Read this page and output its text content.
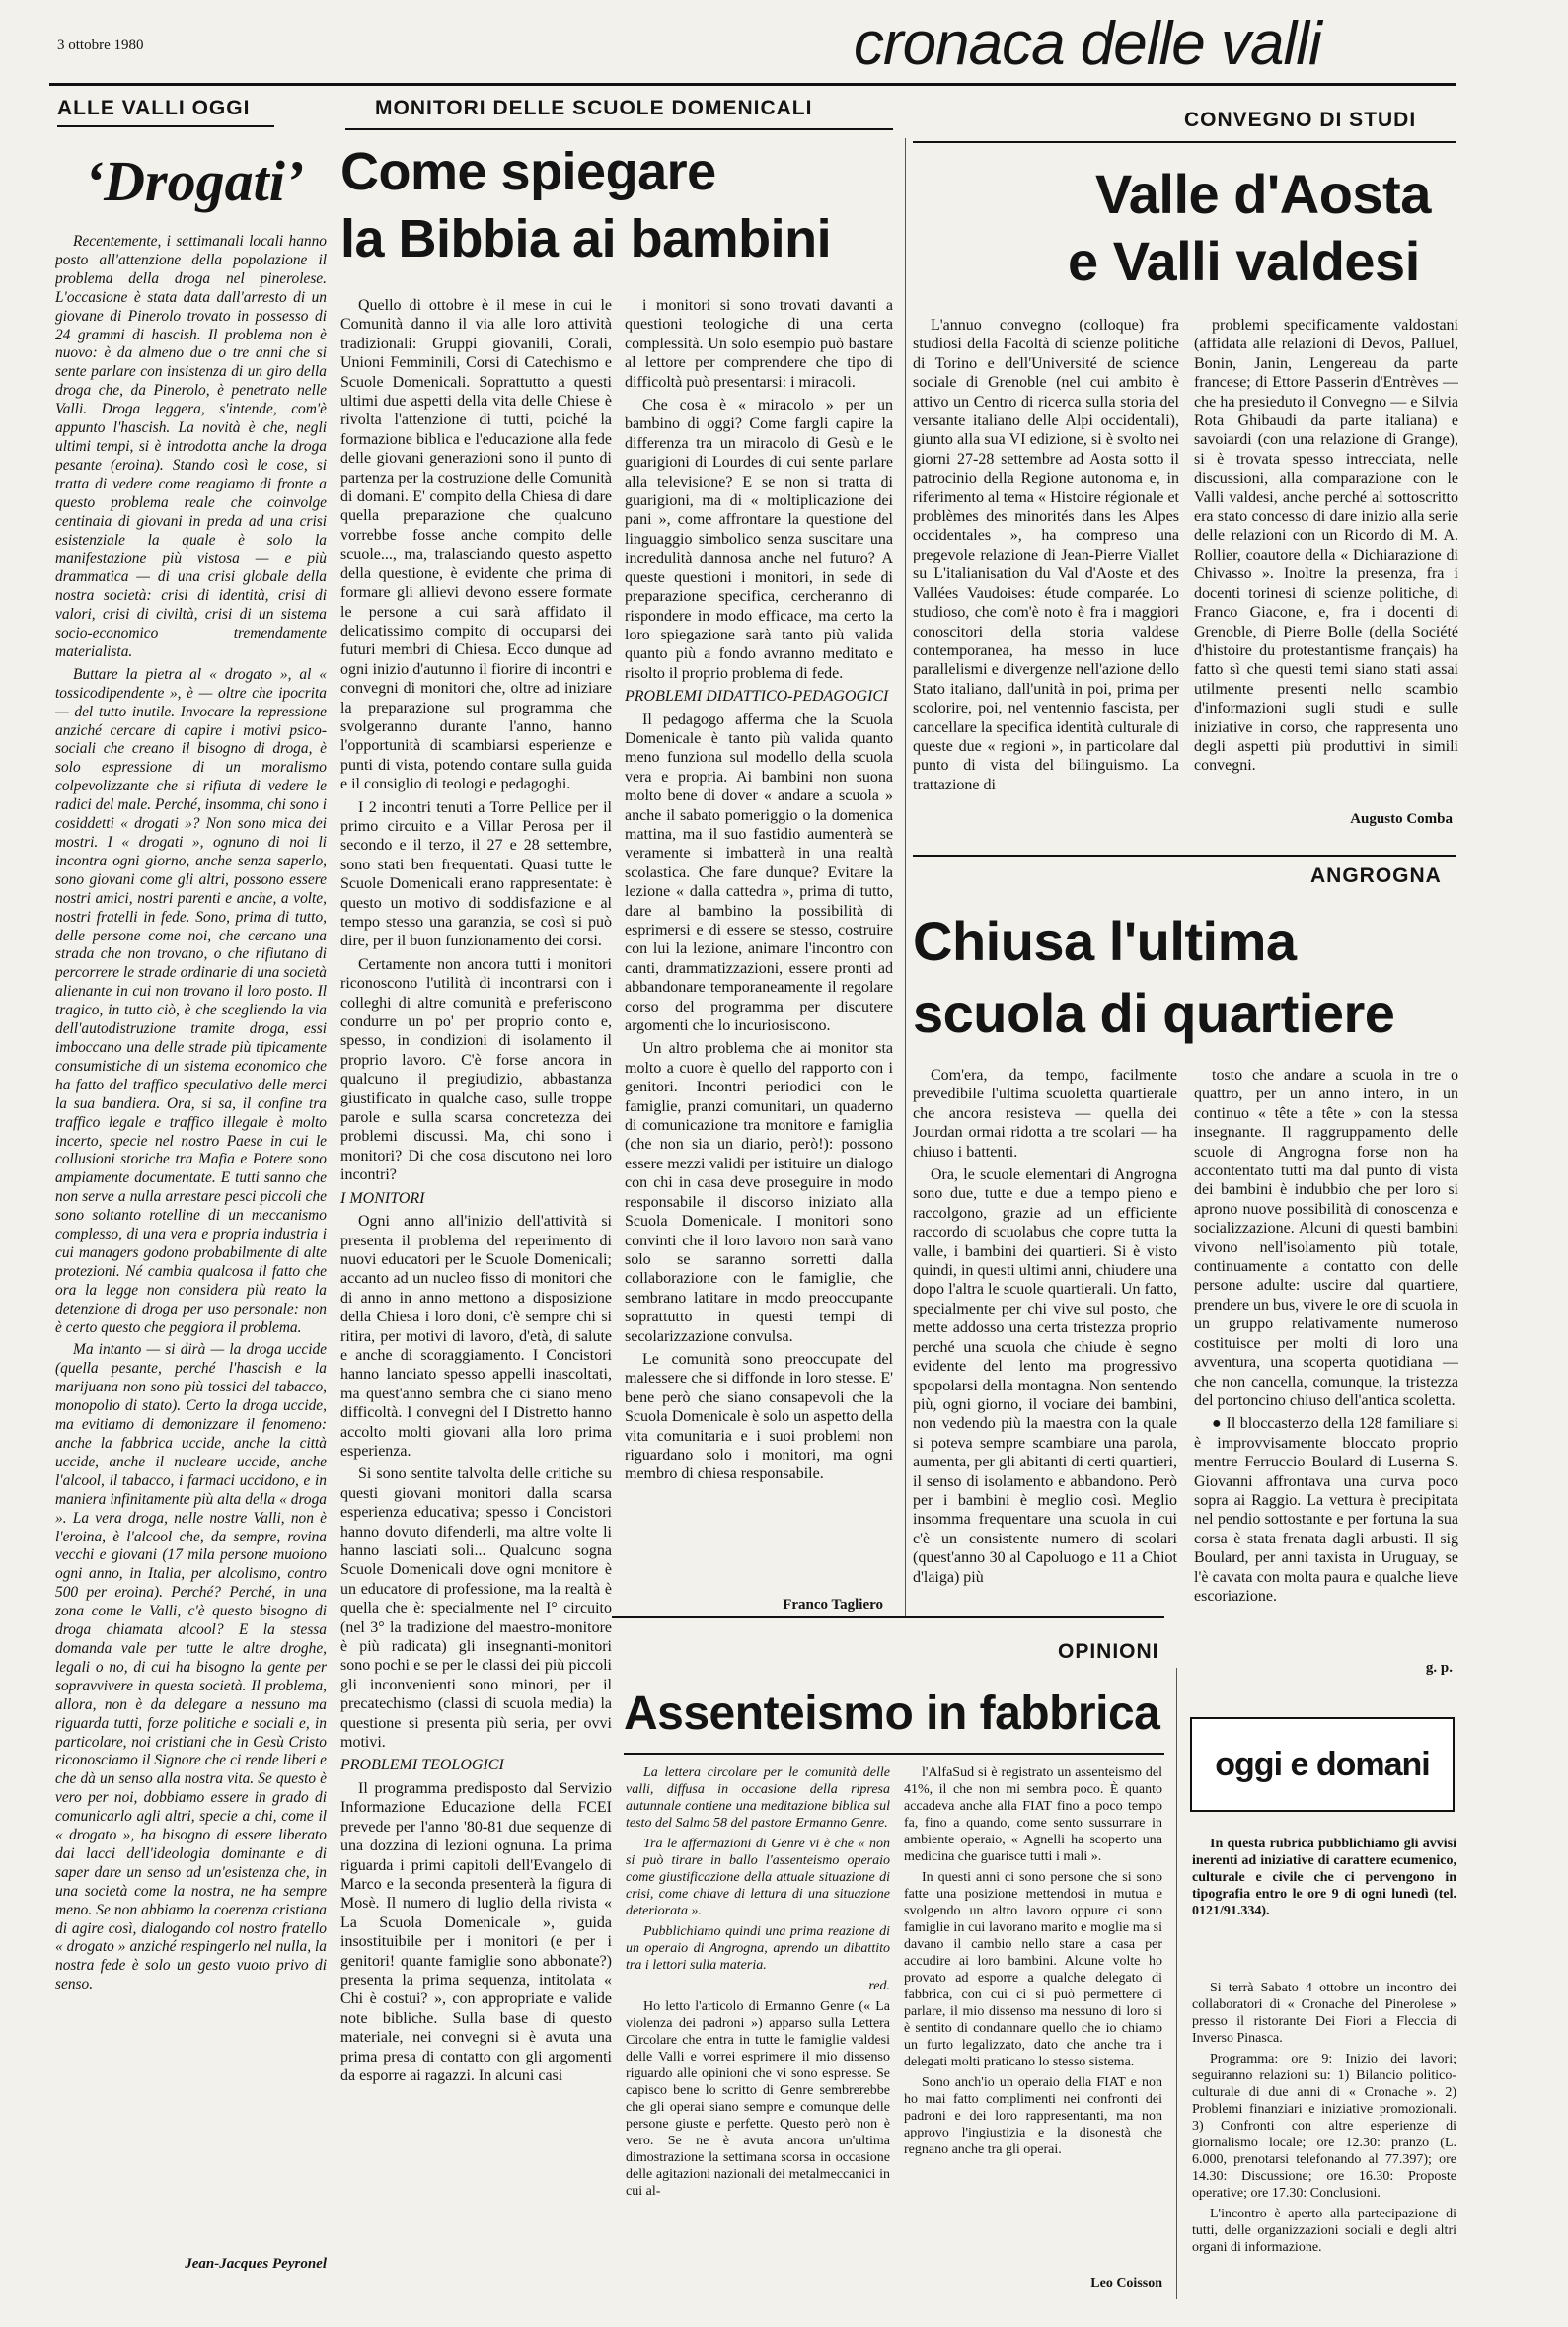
3 ottobre 1980	cronaca delle valli
ALLE VALLI OGGI
‘Drogati’

Recentemente, i settimanali locali hanno posto all'attenzione della popolazione il problema della droga nel pinerolese. L'occasione è stata data dall'arresto di un giovane di Pinerolo trovato in possesso di 24 grammi di hascish. Il problema non è nuovo: è da almeno due o tre anni che si sente parlare con insistenza di un giro della droga che, da Pinerolo, è penetrato nelle Valli. Droga leggera, s'intende, com'è appunto l'hascish. La novità è che, negli ultimi tempi, si è introdotta anche la droga pesante (eroina). Stando così le cose, si tratta di vedere come reagiamo di fronte a questo problema reale che coinvolge centinaia di giovani in preda ad una crisi esistenziale la quale è solo la manifestazione più vistosa — e più drammatica — di una crisi globale della nostra società: crisi di identità, crisi di valori, crisi di civiltà, crisi di un sistema socio-economico tremendamente materialista.

Buttare la pietra al « drogato », al « tossicodipendente », è — oltre che ipocrita — del tutto inutile. Invocare la repressione anziché cercare di capire i motivi psico-sociali che creano il bisogno di droga, è solo espressione di un moralismo colpevolizzante che si rifiuta di vedere le radici del male. Perché, insomma, chi sono i cosiddetti « drogati »? Non sono mica dei mostri. I « drogati », ognuno di noi li incontra ogni giorno, anche senza saperlo, sono giovani come gli altri, possono essere nostri amici, nostri parenti e anche, a volte, nostri fratelli in fede. Sono, prima di tutto, delle persone come noi, che cercano una strada che non trovano, o che rifiutano di percorrere le strade ordinarie di una società alienante in cui non trovano il loro posto. Il tragico, in tutto ciò, è che scegliendo la via dell'autodistruzione tramite droga, essi imboccano una delle strade più tipicamente consumistiche di un sistema economico che ha fatto del traffico speculativo delle merci la sua bandiera. Ora, si sa, il confine tra traffico legale e traffico illegale è molto incerto, specie nel nostro Paese in cui le collusioni storiche tra Mafia e Potere sono ampiamente documentate. E tutti sanno che non serve a nulla arrestare pesci piccoli che sono soltanto rotelline di un meccanismo complesso, di una vera e propria industria i cui managers godono probabilmente di alte protezioni. Né cambia qualcosa il fatto che ora la legge non considera più reato la detenzione di droga per uso personale: non è certo questo che peggiora il problema.

Ma intanto — si dirà — la droga uccide (quella pesante, perché l'hascish e la marijuana non sono più tossici del tabacco, monopolio di stato). Certo la droga uccide, ma evitiamo di demonizzare il fenomeno: anche la fabbrica uccide, anche la città uccide, anche il nucleare uccide, anche l'alcool, il tabacco, i farmaci uccidono, e in maniera infinitamente più alta della « droga ». La vera droga, nelle nostre Valli, non è l'eroina, è l'alcool che, da sempre, rovina vecchi e giovani (17 mila persone muoiono ogni anno, in Italia, per alcolismo, contro 500 per eroina). Perché? Perché, in una zona come le Valli, c'è questo bisogno di droga chiamata alcool? E la stessa domanda vale per tutte le altre droghe, legali o no, di cui ha bisogno la gente per sopravvivere in questa società. Il problema, allora, non è da delegare a nessuno ma riguarda tutti, forze politiche e sociali e, in particolare, noi cristiani che in Gesù Cristo riconosciamo il Signore che ci rende liberi e che dà un senso alla nostra vita. Se questo è vero per noi, dobbiamo essere in grado di comunicarlo agli altri, specie a chi, come il « drogato », ha bisogno di essere liberato dai lacci dell'ideologia dominante e di saper dare un senso ad un'esistenza che, in una società come la nostra, ne ha sempre meno. Se non abbiamo la coerenza cristiana di agire così, dialogando col nostro fratello « drogato » anziché respingerlo nel nulla, la nostra fede è solo un gesto vuoto privo di senso.

Jean-Jacques Peyronel
MONITORI DELLE SCUOLE DOMENICALI
Come spiegare
la Bibbia ai bambini

Quello di ottobre è il mese in cui le Comunità danno il via alle loro attività tradizionali: Gruppi giovanili, Corali, Unioni Femminili, Corsi di Catechismo e Scuole Domenicali. Soprattutto a questi ultimi due aspetti della vita delle Chiese è rivolta l'attenzione di tutti, poiché la formazione biblica e l'educazione alla fede delle giovani generazioni sono il punto di partenza per la costruzione delle Comunità di domani. E' compito della Chiesa di dare quella preparazione che qualcuno vorrebbe fosse anche compito delle scuole..., ma, tralasciando questo aspetto della questione, è evidente che prima di formare gli allievi devono essere formate le persone a cui sarà affidato il delicatissimo compito di occuparsi dei futuri membri di Chiesa. Ecco dunque ad ogni inizio d'autunno il fiorire di incontri e convegni di monitori che, oltre ad iniziare la preparazione sul programma che svolgeranno durante l'anno, hanno l'opportunità di scambiarsi esperienze e punti di vista, potendo contare sulla guida e il consiglio di teologi e pedagoghi.

I 2 incontri tenuti a Torre Pellice per il primo circuito e a Villar Perosa per il secondo e il terzo, il 27 e 28 settembre, sono stati ben frequentati. Quasi tutte le Scuole Domenicali erano rappresentate: è questo un motivo di soddisfazione e al tempo stesso una garanzia, se così si può dire, per il buon funzionamento dei corsi.

Certamente non ancora tutti i monitori riconoscono l'utilità di incontrarsi con i colleghi di altre comunità e preferiscono condurre un po' per proprio conto e, spesso, in condizioni di isolamento il proprio lavoro. C'è forse ancora in qualcuno il pregiudizio, abbastanza giustificato in qualche caso, sulle troppe parole e sulla scarsa concretezza dei problemi discussi. Ma, chi sono i monitori? Di che cosa discutono nei loro incontri?

I MONITORI

Ogni anno all'inizio dell'attività si presenta il problema del reperimento di nuovi educatori per le Scuole Domenicali; accanto ad un nucleo fisso di monitori che di anno in anno mettono a disposizione della Chiesa i loro doni, c'è sempre chi si ritira, per motivi di lavoro, d'età, di salute e anche di scoraggiamento. I Concistori hanno lanciato spesso appelli inascoltati, ma quest'anno sembra che ci siano meno difficoltà. I convegni del I Distretto hanno accolto molti giovani alla loro prima esperienza.

Si sono sentite talvolta delle critiche su questi giovani monitori dalla scarsa esperienza educativa; spesso i Concistori hanno dovuto difenderli, ma altre volte li hanno lasciati soli... Qualcuno sogna Scuole Domenicali dove ogni monitore è un educatore di professione, ma la realtà è quella che è: specialmente nel I° circuito (nel 3° la tradizione del maestro-monitore è più radicata) gli insegnanti-monitori sono pochi e se per le classi dei più piccoli gli inconvenienti sono minori, per il precatechismo (classi di scuola media) la questione si presenta più seria, per ovvi motivi.

PROBLEMI TEOLOGICI

Il programma predisposto dal Servizio Informazione Educazione della FCEI prevede per l'anno '80-81 due sequenze di una dozzina di lezioni ognuna. La prima riguarda i primi capitoli dell'Evangelo di Marco e la seconda presenterà la figura di Mosè. Il numero di luglio della rivista « La Scuola Domenicale », guida insostituibile per i monitori (e per i genitori! quante famiglie sono abbonate?) presenta la prima sequenza, intitolata « Chi è costui? », con appropriate e valide note bibliche. Sulla base di questo materiale, nei convegni si è avuta una prima presa di contatto con gli argomenti da esporre ai ragazzi. In alcuni casi

i monitori si sono trovati davanti a questioni teologiche di una certa complessità. Un solo esempio può bastare al lettore per comprendere che tipo di difficoltà può presentarsi: i miracoli.

Che cosa è « miracolo » per un bambino di oggi? Come fargli capire la differenza tra un miracolo di Gesù e le guarigioni di Lourdes di cui sente parlare alla televisione? E se non si tratta di guarigioni, ma di « moltiplicazione dei pani », come affrontare la questione del linguaggio simbolico senza suscitare una incredulità dannosa anche nel futuro? A queste questioni i monitori, in sede di preparazione specifica, cercheranno di rispondere in modo efficace, ma certo la loro spiegazione sarà tanto più valida quanto più a fondo avranno meditato e risolto il proprio problema di fede.

PROBLEMI DIDATTICO-PEDAGOGICI

Il pedagogo afferma che la Scuola Domenicale è tanto più valida quanto meno funziona sul modello della scuola vera e propria. Ai bambini non suona molto bene di dover « andare a scuola » anche il sabato pomeriggio o la domenica mattina, ma il suo fastidio aumenterà se veramente si imbatterà in una realtà scolastica. Che fare dunque? Evitare la lezione « dalla cattedra », prima di tutto, dare al bambino la possibilità di esprimersi e di essere se stesso, costruire con lui la lezione, animare l'incontro con canti, drammatizzazioni, essere pronti ad abbandonare temporaneamente il regolare corso del programma per discutere argomenti che lo incuriosiscono.

Un altro problema che ai monitor sta molto a cuore è quello del rapporto con i genitori. Incontri periodici con le famiglie, pranzi comunitari, un quaderno di comunicazione tra monitore e famiglia (che non sia un diario, però!): possono essere mezzi validi per istituire un dialogo con chi in casa deve proseguire in modo responsabile il discorso iniziato alla Scuola Domenicale. I monitori sono convinti che il loro lavoro non sarà vano solo se saranno sorretti dalla collaborazione con le famiglie, che sembrano latitare in modo preoccupante soprattutto in questi tempi di secolarizzazione convulsa.

Le comunità sono preoccupate del malessere che si diffonde in loro stesse. E' bene però che siano consapevoli che la Scuola Domenicale è solo un aspetto della vita comunitaria e i suoi problemi non riguardano solo i monitori, ma ogni membro di chiesa responsabile.

Franco Tagliero
CONVEGNO DI STUDI
Valle d'Aosta
e Valli valdesi

L'annuo convegno (colloque) fra studiosi della Facoltà di scienze politiche di Torino e dell'Université de science sociale di Grenoble (nel cui ambito è attivo un Centro di ricerca sulla storia del versante italiano delle Alpi occidentali), giunto alla sua VI edizione, si è svolto nei giorni 27-28 settembre ad Aosta sotto il patrocinio della Regione autonoma e, in riferimento al tema « Histoire régionale et problèmes des minorités dans les Alpes occidentales », ha compreso una pregevole relazione di Jean-Pierre Viallet su L'italianisation du Val d'Aoste et des Vallées Vaudoises: étude comparée. Lo studioso, che com'è noto è fra i maggiori conoscitori della storia valdese contemporanea, ha messo in luce parallelismi e divergenze nell'azione dello Stato italiano, dall'unità in poi, prima per scolorire, poi, nel ventennio fascista, per cancellare la specifica identità culturale di queste due « regioni », in particolare dal punto di vista del bilinguismo. La trattazione di

problemi specificamente valdostani (affidata alle relazioni di Devos, Palluel, Bonin, Janin, Lengereau da parte francese; di Ettore Passerin d'Entrèves — che ha presieduto il Convegno — e Silvia Rota Ghibaudi da parte italiana) e savoiardi (con una relazione di Grange), si è trovata spesso intrecciata, nelle discussioni, alla comparazione con le Valli valdesi, anche perché al sottoscritto era stato concesso di dare inizio alla serie delle relazioni con un Ricordo di M. A. Rollier, coautore della « Dichiarazione di Chivasso ». Inoltre la presenza, fra i docenti torinesi di scienze politiche, di Franco Giacone, e, fra i docenti di Grenoble, di Pierre Bolle (della Société d'histoire du protestantisme français) ha fatto sì che questi temi siano stati assai utilmente presenti nello scambio d'informazioni sugli studi e sulle iniziative in corso, che rappresenta uno degli aspetti più produttivi in simili convegni.

Augusto Comba
ANGROGNA
Chiusa l'ultima
scuola di quartiere

Com'era, da tempo, facilmente prevedibile l'ultima scuoletta quartierale che ancora resisteva — quella dei Jourdan ormai ridotta a tre scolari — ha chiuso i battenti.

Ora, le scuole elementari di Angrogna sono due, tutte e due a tempo pieno e raccolgono, grazie ad un efficiente raccordo di scuolabus che copre tutta la valle, i bambini dei quartieri. Si è visto quindi, in questi ultimi anni, chiudere una dopo l'altra le scuole quartierali. Un fatto, specialmente per chi vive sul posto, che mette addosso una certa tristezza proprio perché una scuola che chiude è segno evidente del lento ma progressivo spopolarsi della montagna. Non sentendo più, ogni giorno, il vociare dei bambini, non vedendo più la maestra con la quale si poteva sempre scambiare una parola, aumenta, per gli abitanti di certi quartieri, il senso di isolamento e abbandono. Però per i bambini è meglio così. Meglio insomma frequentare una scuola in cui c'è un consistente numero di scolari (quest'anno 30 al Capoluogo e 11 a Chiot d'laiga) più

tosto che andare a scuola in tre o quattro, per un anno intero, in un continuo « tête a tête » con la stessa insegnante. Il raggruppamento delle scuole di Angrogna forse non ha accontentato tutti ma dal punto di vista dei bambini è indubbio che per loro si aprono nuove possibilità di conoscenza e socializzazione. Alcuni di questi bambini vivono nell'isolamento più totale, continuamente a contatto con delle persone adulte: uscire dal quartiere, prendere un bus, vivere le ore di scuola in un gruppo relativamente numeroso costituisce per molti di loro una avventura, una scoperta quotidiana — che non cancella, comunque, la tristezza del portoncino chiuso dell'antica scoletta.

● Il bloccasterzo della 128 familiare si è improvvisamente bloccato proprio mentre Ferruccio Boulard di Luserna S. Giovanni affrontava una curva poco sopra ai Raggio. La vettura è precipitata nel pendio sottostante e per fortuna la sua corsa è stata frenata dagli arbusti. Il sig Boulard, per anni taxista in Uruguay, se l'è cavata con molta paura e qualche lieve escoriazione.

g. p.
OPINIONI
Assenteismo in fabbrica

La lettera circolare per le comunità delle valli, diffusa in occasione della ripresa autunnale contiene una meditazione biblica sul testo del Salmo 58 del pastore Ermanno Genre.

Tra le affermazioni di Genre vi è che « non si può tirare in ballo l'assenteismo operaio come giustificazione della attuale situazione di crisi, come chiave di lettura di una situazione deteriorata ».

Pubblichiamo quindi una prima reazione di un operaio di Angrogna, aprendo un dibattito tra i lettori sulla materia.

red.

Ho letto l'articolo di Ermanno Genre (« La violenza dei padroni ») apparso sulla Lettera Circolare che entra in tutte le famiglie valdesi delle Valli e vorrei esprimere il mio dissenso riguardo alle opinioni che vi sono espresse. Se capisco bene lo scritto di Genre sembrerebbe che gli operai siano sempre e comunque delle persone giuste e perfette. Questo però non è vero. Se ne è avuta ancora un'ultima dimostrazione la settimana scorsa in occasione delle agitazioni nazionali dei metalmeccanici in cui al-

l'AlfaSud si è registrato un assenteismo del 41%, il che non mi sembra poco. È quanto accadeva anche alla FIAT fino a poco tempo fa, fino a quando, come sento sussurrare in ambiente operaio, « Agnelli ha scoperto una medicina che guarisce tutti i mali ».

In questi anni ci sono persone che si sono fatte una posizione mettendosi in mutua e svolgendo un altro lavoro oppure ci sono famiglie in cui lavorano marito e moglie ma si davano il cambio nello stare a casa per accudire ai loro bambini. Alcune volte ho provato ad esporre a qualche delegato di fabbrica, con cui ci si può permettere di parlare, il mio dissenso ma nessuno di loro si è sentito di condannare quello che io chiamo un furto legalizzato, dato che anche tra i delegati molti praticano lo stesso sistema.

Sono anch'io un operaio della FIAT e non ho mai fatto complimenti nei confronti dei padroni e dei loro rappresentanti, ma non approvo l'ingiustizia e la disonestà che regnano anche tra gli operai.

Leo Coisson
oggi e domani

In questa rubrica pubblichiamo gli avvisi inerenti ad iniziative di carattere ecumenico, culturale e civile che ci pervengono in tipografia entro le ore 9 di ogni lunedì (tel. 0121/91.334).

Si terrà Sabato 4 ottobre un incontro dei collaboratori di « Cronache del Pinerolese » presso il ristorante Dei Fiori a Fleccia di Inverso Pinasca.

Programma: ore 9: Inizio dei lavori; seguiranno relazioni su: 1) Bilancio politico-culturale di due anni di « Cronache ». 2) Problemi finanziari e iniziative promozionali. 3) Confronti con altre esperienze di giornalismo locale; ore 12.30: pranzo (L. 6.000, prenotarsi telefonando al 77.397); ore 14.30: Discussione; ore 16.30: Proposte operative; ore 17.30: Conclusioni.

L'incontro è aperto alla partecipazione di tutti, delle organizzazioni sociali e degli altri organi di informazione.
